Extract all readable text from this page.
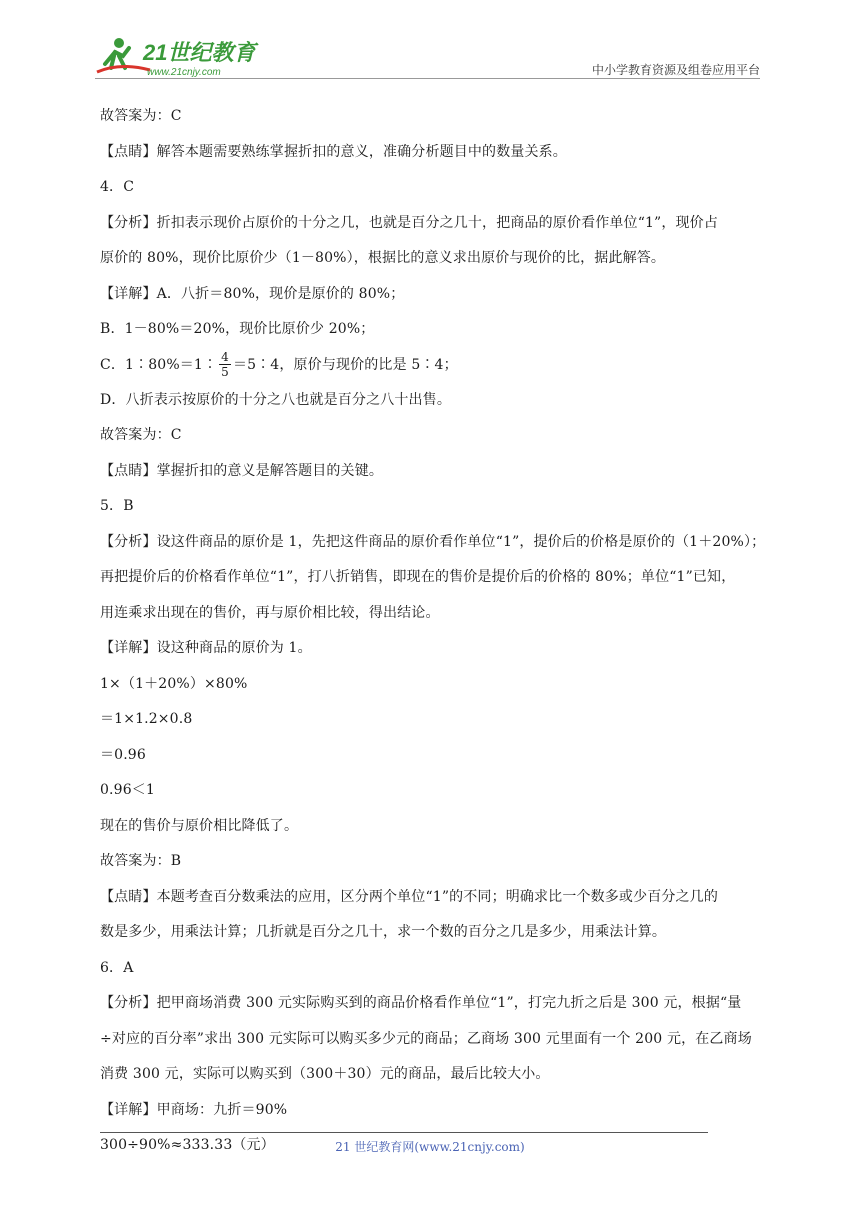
21世纪教育
www.21cnjy.com	中小学教育资源及组卷应用平台
故答案为：C
【点睛】解答本题需要熟练掌握折扣的意义，准确分析题目中的数量关系。
4．C
【分析】折扣表示现价占原价的十分之几，也就是百分之几十，把商品的原价看作单位“1”，现价占
原价的 80%，现价比原价少（1－80%），根据比的意义求出原价与现价的比，据此解答。
【详解】A．八折＝80%，现价是原价的 80%；
B．1－80%＝20%，现价比原价少 20%；
C．1∶80%＝1∶ $\frac{4}{5}$ ＝5∶4，原价与现价的比是 5∶4；
D．八折表示按原价的十分之八也就是百分之八十出售。
故答案为：C
【点睛】掌握折扣的意义是解答题目的关键。
5．B
【分析】设这件商品的原价是 1，先把这件商品的原价看作单位“1”，提价后的价格是原价的（1＋20%）；
再把提价后的价格看作单位“1”，打八折销售，即现在的售价是提价后的价格的 80%；单位“1”已知，
用连乘求出现在的售价，再与原价相比较，得出结论。
【详解】设这种商品的原价为 1。
1×（1＋20%）×80%
＝1×1.2×0.8
＝0.96
0.96＜1
现在的售价与原价相比降低了。
故答案为：B
【点睛】本题考查百分数乘法的应用，区分两个单位“1”的不同；明确求比一个数多或少百分之几的
数是多少，用乘法计算；几折就是百分之几十，求一个数的百分之几是多少，用乘法计算。
6．A
【分析】把甲商场消费 300 元实际购买到的商品价格看作单位“1”，打完九折之后是 300 元，根据“量
÷对应的百分率”求出 300 元实际可以购买多少元的商品；乙商场 300 元里面有一个 200 元，在乙商场
消费 300 元，实际可以购买到（300＋30）元的商品，最后比较大小。
【详解】甲商场：九折＝90%
300÷90%≈333.33（元）	21 世纪教育网(www.21cnjy.com)
